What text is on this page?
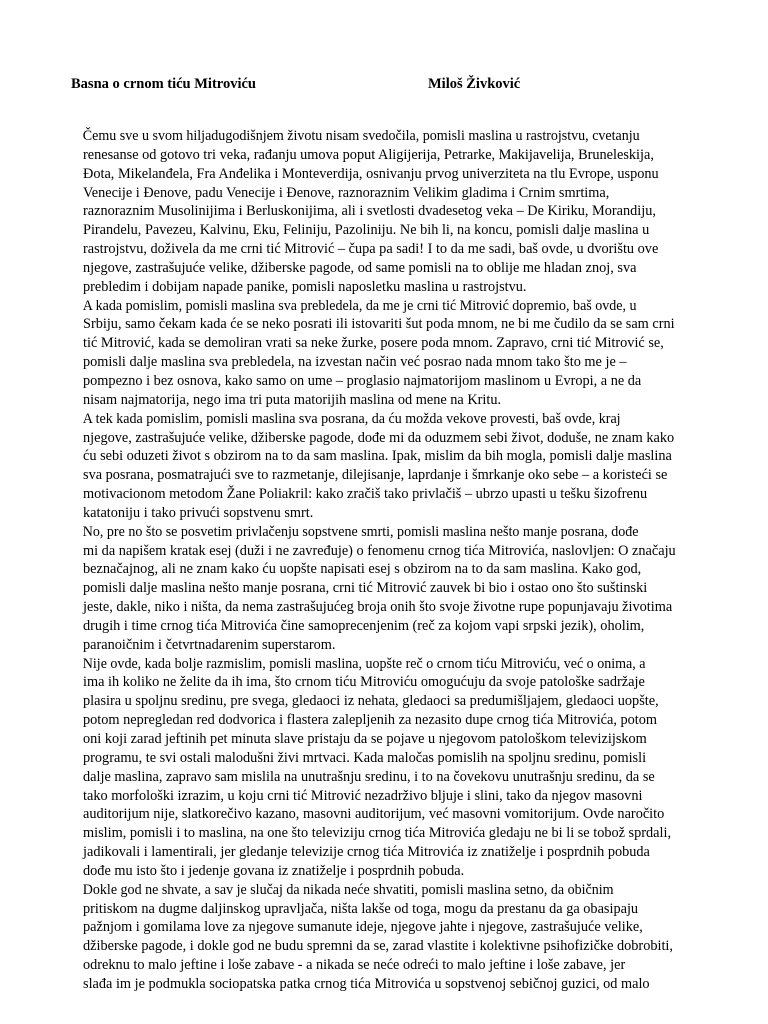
Basna o crnom tiću Mitroviću	Miloš Živković
Čemu sve u svom hiljadugodišnjem životu nisam svedočila, pomisli maslina u rastrojstvu, cvetanju
renesanse od gotovo tri veka, rađanju umova poput Aligijerija, Petrarke, Makijavelija, Bruneleskija,
Đota, Mikelanđela, Fra Anđelika i Monteverdija, osnivanju prvog univerziteta na tlu Evrope, usponu
Venecije i Đenove, padu Venecije i Đenove, raznoraznim Velikim gladima i Crnim smrtima,
raznoraznim Musolinijima i Berluskonijima, ali i svetlosti dvadesetog veka – De Kiriku, Morandiju,
Pirandelu, Pavezeu, Kalvinu, Eku, Feliniju, Pazoliniju. Ne bih li, na koncu, pomisli dalje maslina u
rastrojstvu, doživela da me crni tić Mitrović – čupa pa sadi! I to da me sadi, baš ovde, u dvorištu ove
njegove, zastrašujuće velike, džiberske pagode, od same pomisli na to oblije me hladan znoj, sva
prebledim i dobijam napade panike, pomisli naposletku maslina u rastrojstvu.
A kada pomislim, pomisli maslina sva prebledela, da me je crni tić Mitrović dopremio, baš ovde, u
Srbiju, samo čekam kada će se neko posrati ili istovariti šut poda mnom, ne bi me čudilo da se sam crni
tić Mitrović, kada se demoliran vrati sa neke žurke, posere poda mnom. Zapravo, crni tić Mitrović se,
pomisli dalje maslina sva prebledela, na izvestan način već posrao nada mnom tako što me je –
pompezno i bez osnova, kako samo on ume – proglasio najmatorijom maslinom u Evropi, a ne da
nisam najmatorija, nego ima tri puta matorijih maslina od mene na Kritu.
A tek kada pomislim, pomisli maslina sva posrana, da ću možda vekove provesti, baš ovde, kraj
njegove, zastrašujuće velike, džiberske pagode, dođe mi da oduzmem sebi život, doduše, ne znam kako
ću sebi oduzeti život s obzirom na to da sam maslina. Ipak, mislim da bih mogla, pomisli dalje maslina
sva posrana, posmatrajući sve to razmetanje, dilejisanje, laprdanje i šmrkanje oko sebe – a koristeći se
motivacionom metodom Žane Poliakril: kako zračiš tako privlačiš – ubrzo upasti u tešku šizofrenu
katatoniju i tako privući sopstvenu smrt.
No, pre no što se posvetim privlačenju sopstvene smrti, pomisli maslina nešto manje posrana, dođe
mi da napišem kratak esej (duži i ne zavređuje) o fenomenu crnog tića Mitrovića, naslovljen: O značaju
beznačajnog, ali ne znam kako ću uopšte napisati esej s obzirom na to da sam maslina. Kako god,
pomisli dalje maslina nešto manje posrana, crni tić Mitrović zauvek bi bio i ostao ono što suštinski
jeste, dakle, niko i ništa, da nema zastrašujućeg broja onih što svoje životne rupe popunjavaju životima
drugih i time crnog tića Mitrovića čine samoprecenjenim (reč za kojom vapi srpski jezik), oholim,
paranoičnim i četvrtnadarenim superstarom.
Nije ovde, kada bolje razmislim, pomisli maslina, uopšte reč o crnom tiću Mitroviću, već o onima, a
ima ih koliko ne želite da ih ima, što crnom tiću Mitroviću omogućuju da svoje patološke sadržaje
plasira u spoljnu sredinu, pre svega, gledaoci iz nehata, gledaoci sa predumišljajem, gledaoci uopšte,
potom nepregledan red dodvorica i flastera zalepljenih za nezasito dupe crnog tića Mitrovića, potom
oni koji zarad jeftinih pet minuta slave pristaju da se pojave u njegovom patološkom televizijskom
programu, te svi ostali malodušni živi mrtvaci. Kada maločas pomislih na spoljnu sredinu, pomisli
dalje maslina, zapravo sam mislila na unutrašnju sredinu, i to na čovekovu unutrašnju sredinu, da se
tako morfološki izrazim, u koju crni tić Mitrović nezadrživo bljuje i slini, tako da njegov masovni
auditorijum nije, slatkorečivo kazano, masovni auditorijum, već masovni vomitorijum. Ovde naročito
mislim, pomisli i to maslina, na one što televiziju crnog tića Mitrovića gledaju ne bi li se tobož sprdali,
jadikovali i lamentirali, jer gledanje televizije crnog tića Mitrovića iz znatiželje i posprdnih pobuda
dođe mu isto što i jedenje govana iz znatiželje i posprdnih pobuda.
Dokle god ne shvate, a sav je slučaj da nikada neće shvatiti, pomisli maslina setno, da običnim
pritiskom na dugme daljinskog upravljača, ništa lakše od toga, mogu da prestanu da ga obasipaju
pažnjom i gomilama love za njegove sumanute ideje, njegove jahte i njegove, zastrašujuće velike,
džiberske pagode, i dokle god ne budu spremni da se, zarad vlastite i kolektivne psihofizičke dobrobiti,
odreknu to malo jeftine i loše zabave - a nikada se neće odreći to malo jeftine i loše zabave, jer
slađa im je podmukla sociopatska patka crnog tića Mitrovića u sopstvenoj sebičnoj guzici, od malo
